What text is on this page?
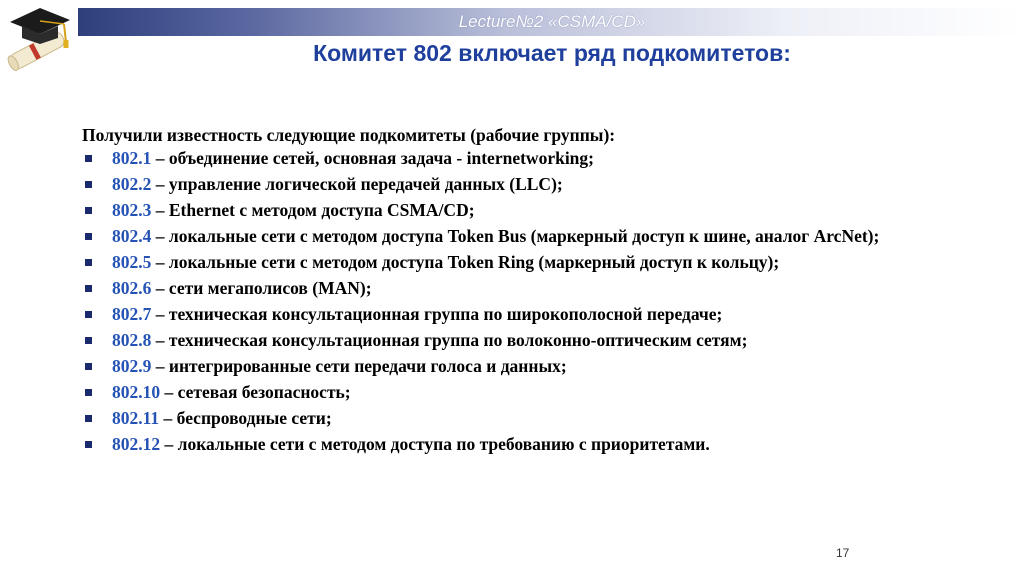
Lecture№2 «CSMA/CD»
Комитет 802 включает ряд подкомитетов:

Получили известность следующие подкомитеты (рабочие группы):

802.1 – объединение сетей, основная задача - internetworking;
802.2 – управление логической передачей данных (LLC);
802.3 – Ethernet с методом доступа CSMA/CD;
802.4 – локальные сети с методом доступа Token Bus (маркерный доступ к шине, аналог ArcNet);
802.5 – локальные сети с методом доступа Token Ring (маркерный доступ к кольцу);
802.6 – сети мегаполисов (MAN);
802.7 – техническая консультационная группа по широкополосной передаче;
802.8 – техническая консультационная группа по волоконно-оптическим сетям;
802.9 – интегрированные сети передачи голоса и данных;
802.10 – сетевая безопасность;
802.11 – беспроводные сети;
802.12 – локальные сети с методом доступа по требованию с приоритетами.
17
